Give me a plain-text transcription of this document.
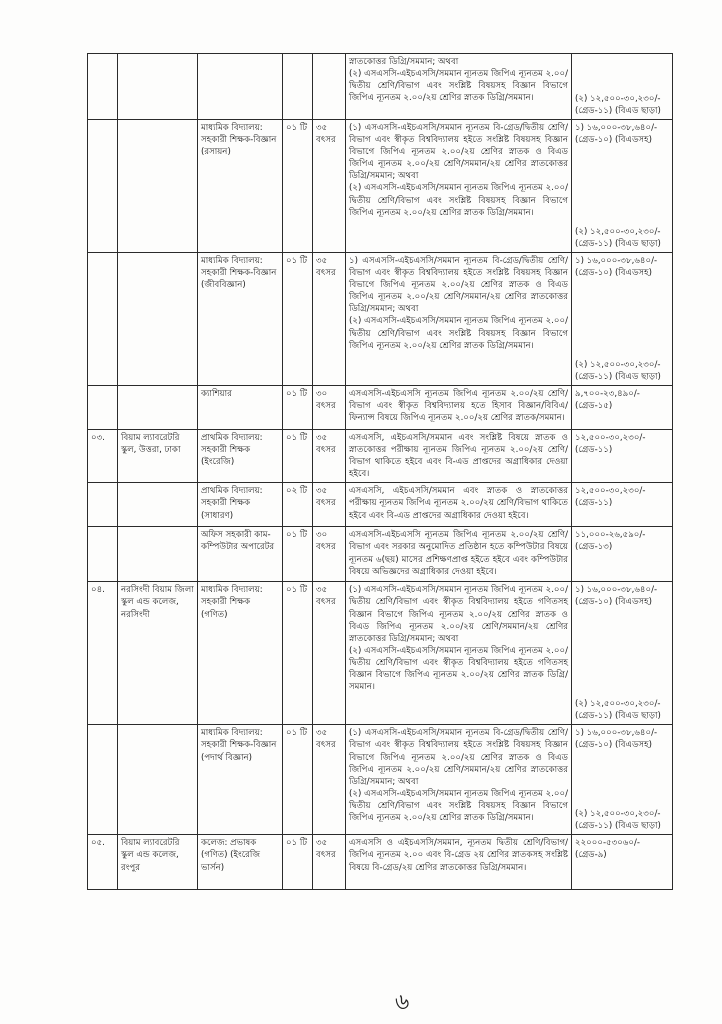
					স্নাতকোত্তর ডিগ্রি/সমমান; অথবা
(২) এসএসসি-এইচএসসি/সমমান ন্যূনতম জিপিএ ন্যূনতম ২.০০/দ্বিতীয় শ্রেণি/বিভাগ এবং সংশ্লিষ্ট বিষয়সহ বিজ্ঞান বিভাগে জিপিএ ন্যূনতম ২.০০/২য় শ্রেণির স্নাতক ডিগ্রি/সমমান।	(২) ১২,৫০০-৩০,২৩০/- (গ্রেড-১১) (বিএড ছাড়া)

		মাধ্যমিক বিদ্যালয়: সহকারী শিক্ষক-বিজ্ঞান (রসায়ন)	০১ টি	৩৫ বৎসর	(১) এসএসসি-এইচএসসি/সমমান ন্যূনতম বি-গ্রেড/দ্বিতীয় শ্রেণি/বিভাগ এবং স্বীকৃত বিশ্ববিদ্যালয় হইতে সংশ্লিষ্ট বিষয়সহ বিজ্ঞান বিভাগে জিপিএ ন্যূনতম ২.০০/২য় শ্রেণির স্নাতক ও বিএড জিপিএ ন্যূনতম ২.০০/২য় শ্রেণি/সমমান/২য় শ্রেণির স্নাতকোত্তর ডিগ্রি/সমমান; অথবা
(২) এসএসসি-এইচএসসি/সমমান ন্যূনতম জিপিএ ন্যূনতম ২.০০/দ্বিতীয় শ্রেণি/বিভাগ এবং সংশ্লিষ্ট বিষয়সহ বিজ্ঞান বিভাগে জিপিএ ন্যূনতম ২.০০/২য় শ্রেণির স্নাতক ডিগ্রি/সমমান।	১) ১৬,০০০-৩৮,৬৪০/- (গ্রেড-১০) (বিএডসহ)
(২) ১২,৫০০-৩০,২৩০/- (গ্রেড-১১) (বিএড ছাড়া)

		মাধ্যমিক বিদ্যালয়: সহকারী শিক্ষক-বিজ্ঞান (জীববিজ্ঞান)	০১ টি	৩৫ বৎসর	১) এসএসসি-এইচএসসি/সমমান ন্যূনতম বি-গ্রেড/দ্বিতীয় শ্রেণি/বিভাগ এবং স্বীকৃত বিশ্ববিদ্যালয় হইতে সংশ্লিষ্ট বিষয়সহ বিজ্ঞান বিভাগে জিপিএ ন্যূনতম ২.০০/২য় শ্রেণির স্নাতক ও বিএড জিপিএ ন্যূনতম ২.০০/২য় শ্রেণি/সমমান/২য় শ্রেণির স্নাতকোত্তর ডিগ্রি/সমমান; অথবা
(২) এসএসসি-এইচএসসি/সমমান ন্যূনতম জিপিএ ন্যূনতম ২.০০/দ্বিতীয় শ্রেণি/বিভাগ এবং সংশ্লিষ্ট বিষয়সহ বিজ্ঞান বিভাগে জিপিএ ন্যূনতম ২.০০/২য় শ্রেণির স্নাতক ডিগ্রি/সমমান।	১) ১৬,০০০-৩৮,৬৪০/- (গ্রেড-১০) (বিএডসহ)
(২) ১২,৫০০-৩০,২৩০/- (গ্রেড-১১) (বিএড ছাড়া)

		ক্যাশিয়ার	০১ টি	৩০ বৎসর	এসএসসি-এইচএসসি ন্যূনতম জিপিএ ন্যূনতম ২.০০/২য় শ্রেণি/বিভাগ এবং স্বীকৃত বিশ্ববিদ্যালয় হতে হিসাব বিজ্ঞান/বিবিএ/ফিন্যান্স বিষয়ে জিপিএ ন্যূনতম ২.০০/২য় শ্রেণির স্নাতক/সমমান।	৯,৭০০-২৩,৪৯০/- (গ্রেড-১৫)

০৩.	বিয়াম ল্যাবরেটরি স্কুল, উত্তরা, ঢাকা	প্রাথমিক বিদ্যালয়: সহকারী শিক্ষক (ইংরেজি)	০১ টি	৩৫ বৎসর	এসএসসি, এইচএসসি/সমমান এবং সংশ্লিষ্ট বিষয়ে স্নাতক ও স্নাতকোত্তর পরীক্ষায় ন্যূনতম জিপিএ ন্যূনতম ২.০০/২য় শ্রেণি/বিভাগ থাকিতে হইবে এবং বি-এড প্রাপ্তদের অগ্রাধিকার দেওয়া হইবে।	১২,৫০০-৩০,২৩০/- (গ্রেড-১১)

		প্রাথমিক বিদ্যালয়: সহকারী শিক্ষক (সাধারণ)	০২ টি	৩৫ বৎসর	এসএসসি, এইচএসসি/সমমান এবং স্নাতক ও স্নাতকোত্তর পরীক্ষায় ন্যূনতম জিপিএ ন্যূনতম ২.০০/২য় শ্রেণি/বিভাগ থাকিতে হইবে এবং বি-এড প্রাপ্তদের অগ্রাধিকার দেওয়া হইবে।	১২,৫০০-৩০,২৩০/- (গ্রেড-১১)

		অফিস সহকারী কাম-কম্পিউটার অপারেটর	০১ টি	৩০ বৎসর	এসএসসি-এইচএসসি ন্যূনতম জিপিএ ন্যূনতম ২.০০/২য় শ্রেণি/বিভাগ এবং সরকার অনুমোদিত প্রতিষ্ঠান হতে কম্পিউটার বিষয়ে ন্যূনতম ৬(ছয়) মাসের প্রশিক্ষণপ্রাপ্ত হইতে হইবে এবং কম্পিউটার বিষয়ে অভিজ্ঞদের অগ্রাধিকার দেওয়া হইবে।	১১,০০০-২৬,৫৯০/- (গ্রেড-১৩)

০৪.	নরসিংদী বিয়াম জিলা স্কুল এন্ড কলেজ, নরসিংদী	মাধ্যমিক বিদ্যালয়: সহকারী শিক্ষক (গণিত)	০১ টি	৩৫ বৎসর	(১) এসএসসি-এইচএসসি/সমমান ন্যূনতম জিপিএ ন্যূনতম ২.০০/দ্বিতীয় শ্রেণি/বিভাগ এবং স্বীকৃত বিশ্ববিদ্যালয় হইতে গণিতসহ বিজ্ঞান বিভাগে জিপিএ ন্যূনতম ২.০০/২য় শ্রেণির স্নাতক ও বিএড জিপিএ ন্যূনতম ২.০০/২য় শ্রেণি/সমমান/২য় শ্রেণির স্নাতকোত্তর ডিগ্রি/সমমান; অথবা
(২) এসএসসি-এইচএসসি/সমমান ন্যূনতম জিপিএ ন্যূনতম ২.০০/দ্বিতীয় শ্রেণি/বিভাগ এবং স্বীকৃত বিশ্ববিদ্যালয় হইতে গণিতসহ বিজ্ঞান বিভাগে জিপিএ ন্যূনতম ২.০০/২য় শ্রেণির স্নাতক ডিগ্রি/সমমান।	১) ১৬,০০০-৩৮,৬৪০/- (গ্রেড-১০) (বিএডসহ)
(২) ১২,৫০০-৩০,২৩০/- (গ্রেড-১১) (বিএড ছাড়া)

		মাধ্যমিক বিদ্যালয়: সহকারী শিক্ষক-বিজ্ঞান (পদার্থ বিজ্ঞান)	০১ টি	৩৫ বৎসর	(১) এসএসসি-এইচএসসি/সমমান ন্যূনতম বি-গ্রেড/দ্বিতীয় শ্রেণি/বিভাগ এবং স্বীকৃত বিশ্ববিদ্যালয় হইতে সংশ্লিষ্ট বিষয়সহ বিজ্ঞান বিভাগে জিপিএ ন্যূনতম ২.০০/২য় শ্রেণির স্নাতক ও বিএড জিপিএ ন্যূনতম ২.০০/২য় শ্রেণি/সমমান/২য় শ্রেণির স্নাতকোত্তর ডিগ্রি/সমমান; অথবা
(২) এসএসসি-এইচএসসি/সমমান ন্যূনতম জিপিএ ন্যূনতম ২.০০/দ্বিতীয় শ্রেণি/বিভাগ এবং সংশ্লিষ্ট বিষয়সহ বিজ্ঞান বিভাগে জিপিএ ন্যূনতম ২.০০/২য় শ্রেণির স্নাতক ডিগ্রি/সমমান।	১) ১৬,০০০-৩৮,৬৪০/- (গ্রেড-১০) (বিএডসহ)
(২) ১২,৫০০-৩০,২৩০/- (গ্রেড-১১) (বিএড ছাড়া)

০৫.	বিয়াম ল্যাবরেটরি স্কুল এন্ড কলেজ, রংপুর	কলেজ: প্রভাষক (গণিত) (ইংরেজি ভার্সন)	০১ টি	৩৫ বৎসর	এসএসসি ও এইচএসসি/সমমান, ন্যূনতম দ্বিতীয় শ্রেণি/বিভাগ/জিপিএ ন্যূনতম ২.০০ এবং বি-গ্রেড ২য় শ্রেণির স্নাতকসহ সংশ্লিষ্ট বিষয়ে বি-গ্রেড/২য় শ্রেণির স্নাতকোত্তর ডিগ্রি/সমমান।	২২০০০-৫৩০৬০/- (গ্রেড-৯)
৬
